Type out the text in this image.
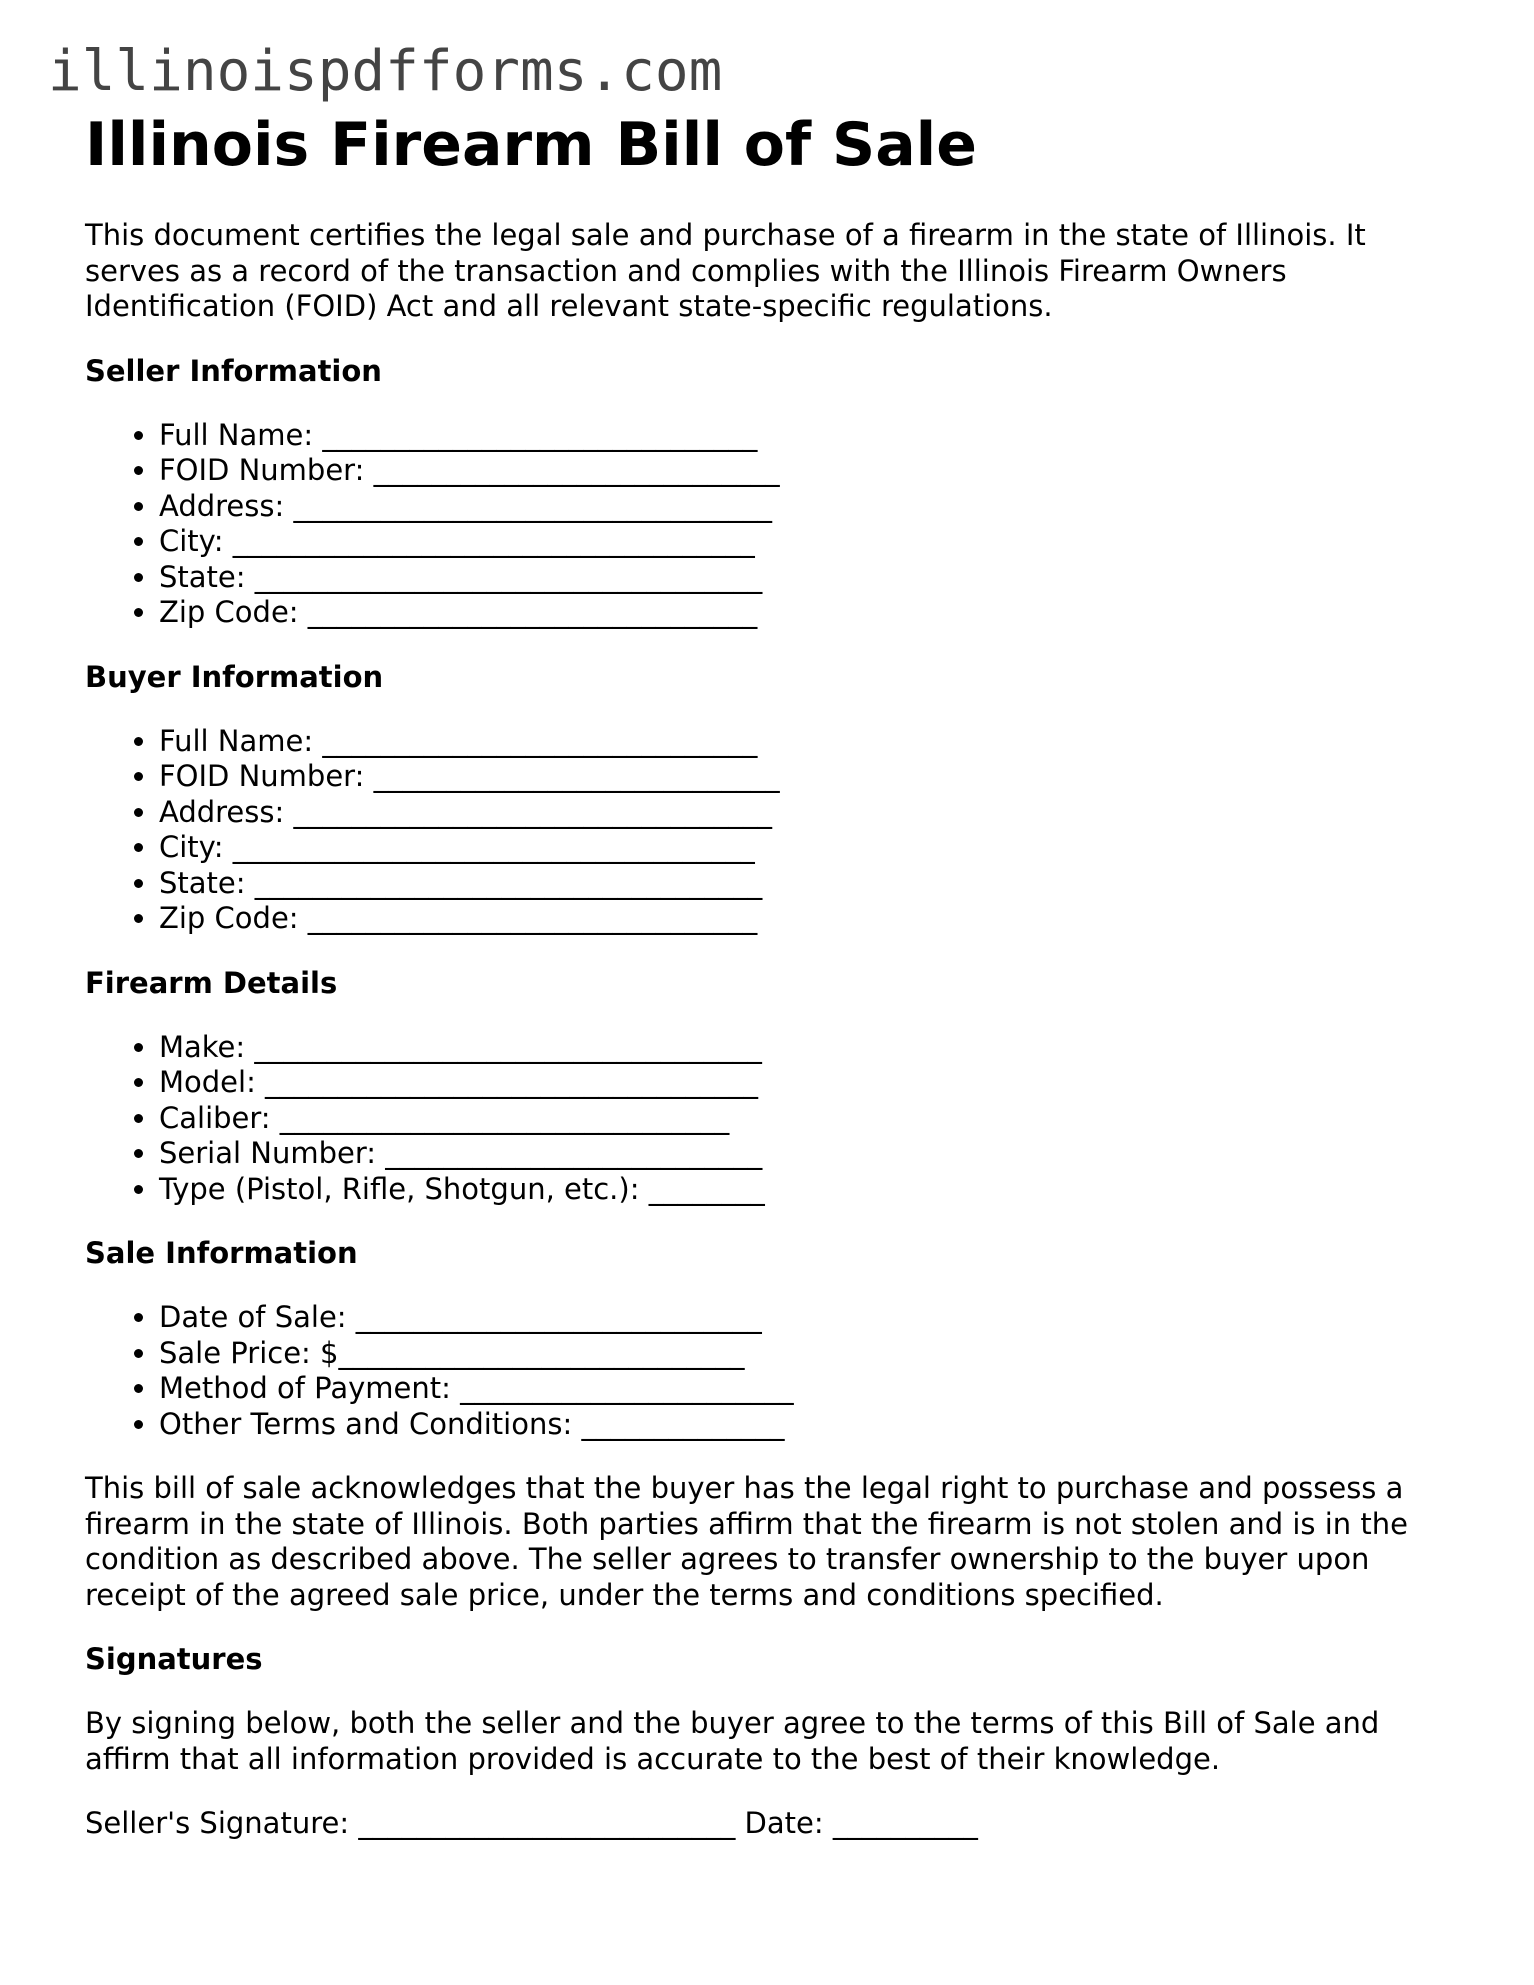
illinoispdfforms.com
Illinois Firearm Bill of Sale

This document certifies the legal sale and purchase of a firearm in the state of Illinois. It serves as a record of the transaction and complies with the Illinois Firearm Owners Identification (FOID) Act and all relevant state-specific regulations.

Seller Information
• Full Name: ______________________________
• FOID Number: ____________________________
• Address: _________________________________
• City: ____________________________________
• State: ___________________________________
• Zip Code: _______________________________
Buyer Information
• Full Name: ______________________________
• FOID Number: ____________________________
• Address: _________________________________
• City: ____________________________________
• State: ___________________________________
• Zip Code: _______________________________
Firearm Details
• Make: ___________________________________
• Model: __________________________________
• Caliber: _______________________________
• Serial Number: __________________________
• Type (Pistol, Rifle, Shotgun, etc.): ________
Sale Information
• Date of Sale: ____________________________
• Sale Price: $____________________________
• Method of Payment: _______________________
• Other Terms and Conditions: ______________

This bill of sale acknowledges that the buyer has the legal right to purchase and possess a firearm in the state of Illinois. Both parties affirm that the firearm is not stolen and is in the condition as described above. The seller agrees to transfer ownership to the buyer upon receipt of the agreed sale price, under the terms and conditions specified.

Signatures

By signing below, both the seller and the buyer agree to the terms of this Bill of Sale and affirm that all information provided is accurate to the best of their knowledge.

Seller's Signature: __________________________ Date: __________
